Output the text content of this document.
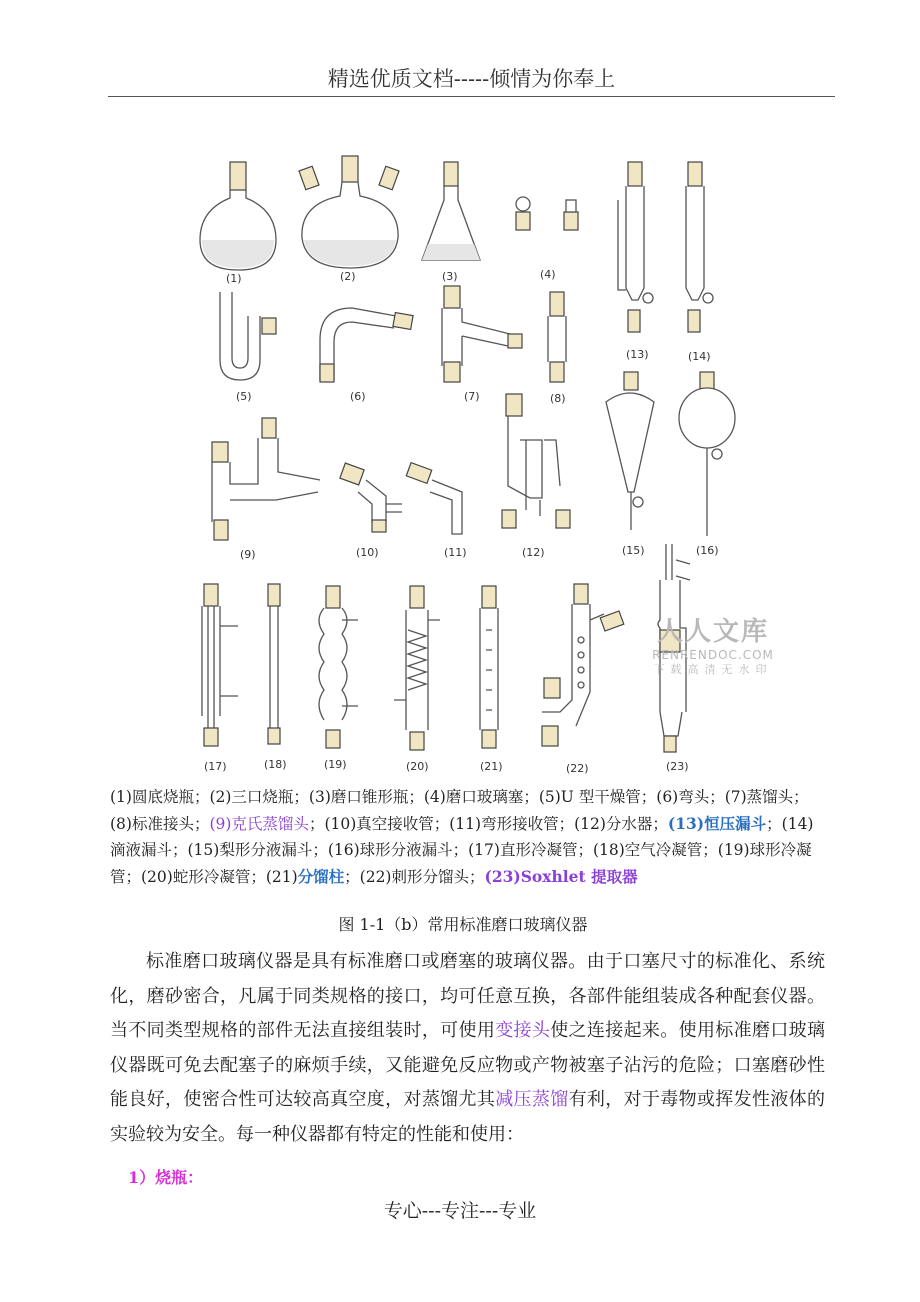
精选优质文档-----倾情为你奉上
(1)	(2)	(3)	(4)
(5)	(6)	(7)	(8)
(9)	(10)	(11)	(12)
(13)	(14)
(15)	(16)
(17)	(18)	(19)	(20)	(21)	(22)	(23)
人人文库
RENRENDOC.COM
下载高清无水印
(1)圆底烧瓶；(2)三口烧瓶；(3)磨口锥形瓶；(4)磨口玻璃塞；(5)U 型干燥管；(6)弯头；(7)蒸馏头；(8)标准接头；(9)克氏蒸馏头；(10)真空接收管；(11)弯形接收管；(12)分水器；(13)恒压漏斗；(14)滴液漏斗；(15)梨形分液漏斗；(16)球形分液漏斗；(17)直形冷凝管；(18)空气冷凝管；(19)球形冷凝管；(20)蛇形冷凝管；(21)分馏柱；(22)刺形分馏头；(23)Soxhlet 提取器
图 1-1（b）常用标准磨口玻璃仪器
标准磨口玻璃仪器是具有标准磨口或磨塞的玻璃仪器。由于口塞尺寸的标准化、系统化，磨砂密合，凡属于同类规格的接口，均可任意互换，各部件能组装成各种配套仪器。当不同类型规格的部件无法直接组装时，可使用变接头使之连接起来。使用标准磨口玻璃仪器既可免去配塞子的麻烦手续，又能避免反应物或产物被塞子沾污的危险；口塞磨砂性能良好，使密合性可达较高真空度，对蒸馏尤其减压蒸馏有利，对于毒物或挥发性液体的实验较为安全。每一种仪器都有特定的性能和使用：
1）烧瓶：
专心---专注---专业
